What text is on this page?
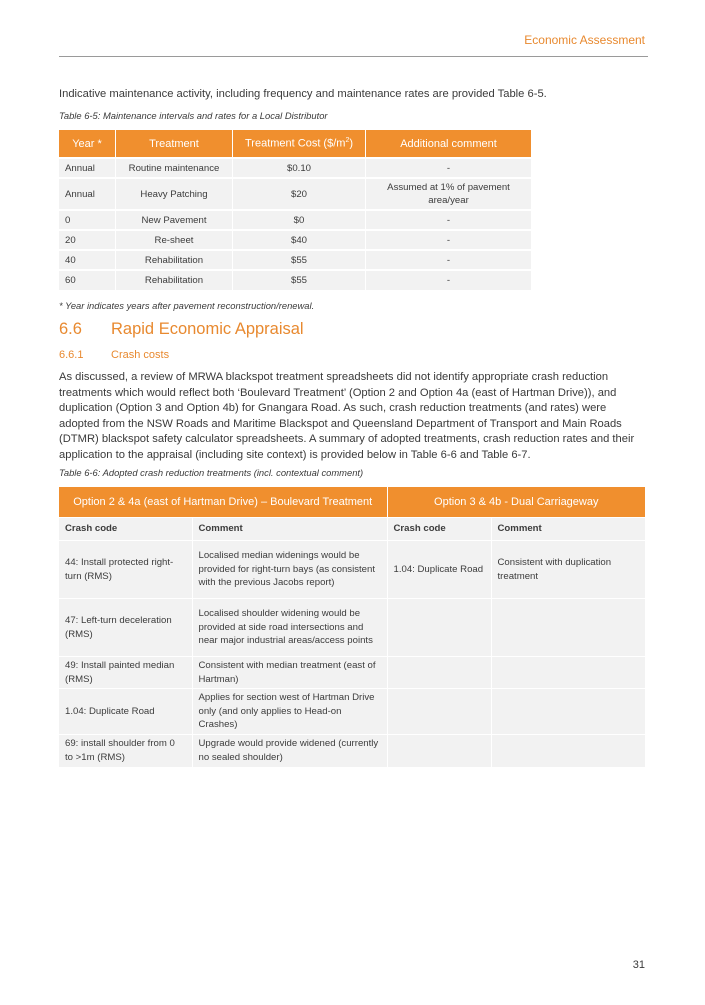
Economic Assessment
Indicative maintenance activity, including frequency and maintenance rates are provided Table 6-5.
Table 6-5: Maintenance intervals and rates for a Local Distributor
Year *	Treatment	Treatment Cost $(\$/m^2)$	Additional comment
Annual	Routine maintenance	$0.10	-
Annual	Heavy Patching	$20	Assumed at 1% of pavement area/year
0	New Pavement	$0	-
20	Re-sheet	$40	-
40	Rehabilitation	$55	-
60	Rehabilitation	$55	-
* Year indicates years after pavement reconstruction/renewal.
6.6 Rapid Economic Appraisal
6.6.1	Crash costs
As discussed, a review of MRWA blackspot treatment spreadsheets did not identify appropriate crash reduction treatments which would reflect both ‘Boulevard Treatment’ (Option 2 and Option 4a (east of Hartman Drive)), and duplication (Option 3 and Option 4b) for Gnangara Road. As such, crash reduction treatments (and rates) were adopted from the NSW Roads and Maritime Blackspot and Queensland Department of Transport and Main Roads (DTMR) blackspot safety calculator spreadsheets. A summary of adopted treatments, crash reduction rates and their application to the appraisal (including site context) is provided below in Table 6-6 and Table 6-7.
Table 6-6: Adopted crash reduction treatments (incl. contextual comment)
Option 2 & 4a (east of Hartman Drive) – Boulevard Treatment		Option 3 & 4b - Dual Carriageway	
Crash code	Comment	Crash code	Comment
44: Install protected right-turn (RMS)	Localised median widenings would be provided for right-turn bays (as consistent with the previous Jacobs report)	1.04: Duplicate Road	Consistent with duplication treatment
47: Left-turn deceleration (RMS)	Localised shoulder widening would be provided at side road intersections and near major industrial areas/access points		
49: Install painted median (RMS)	Consistent with median treatment (east of Hartman)		
1.04: Duplicate Road	Applies for section west of Hartman Drive only (and only applies to Head-on Crashes)		
69: install shoulder from 0 to >1m (RMS)	Upgrade would provide widened (currently no sealed shoulder)		
31
